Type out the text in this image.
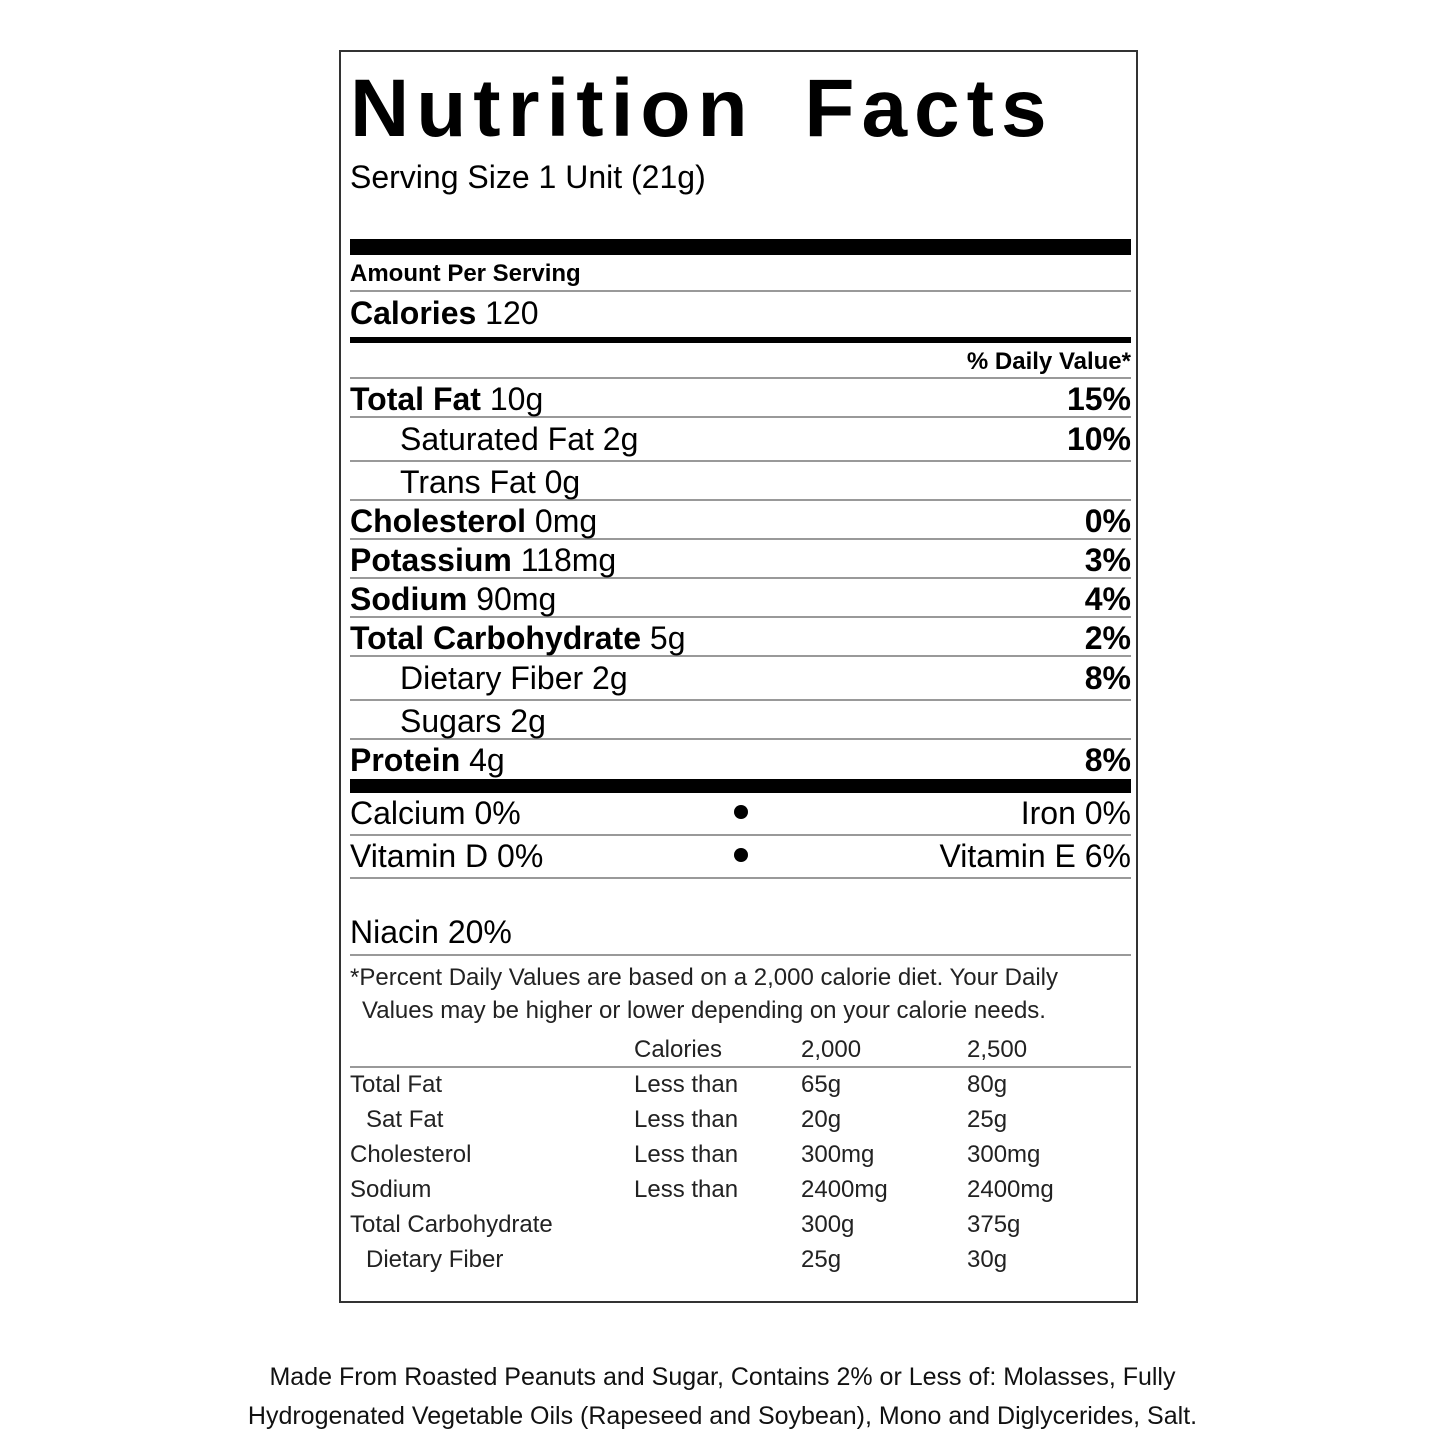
Nutrition Facts
Serving Size 1 Unit (21g)
Amount Per Serving
Calories 120
% Daily Value*
Total Fat 10g	15%
Saturated Fat 2g	10%
Trans Fat 0g
Cholesterol 0mg	0%
Potassium 118mg	3%
Sodium 90mg	4%
Total Carbohydrate 5g	2%
Dietary Fiber 2g	8%
Sugars 2g
Protein 4g	8%
Calcium 0%	Iron 0%
Vitamin D 0%	Vitamin E 6%
Niacin 20%
*Percent Daily Values are based on a 2,000 calorie diet. Your Daily
Values may be higher or lower depending on your calorie needs.
	Calories	2,000	2,500
Total Fat	Less than	65g	80g
Sat Fat	Less than	20g	25g
Cholesterol	Less than	300mg	300mg
Sodium	Less than	2400mg	2400mg
Total Carbohydrate		300g	375g
Dietary Fiber		25g	30g
Made From Roasted Peanuts and Sugar, Contains 2% or Less of: Molasses, Fully
Hydrogenated Vegetable Oils (Rapeseed and Soybean), Mono and Diglycerides, Salt.
